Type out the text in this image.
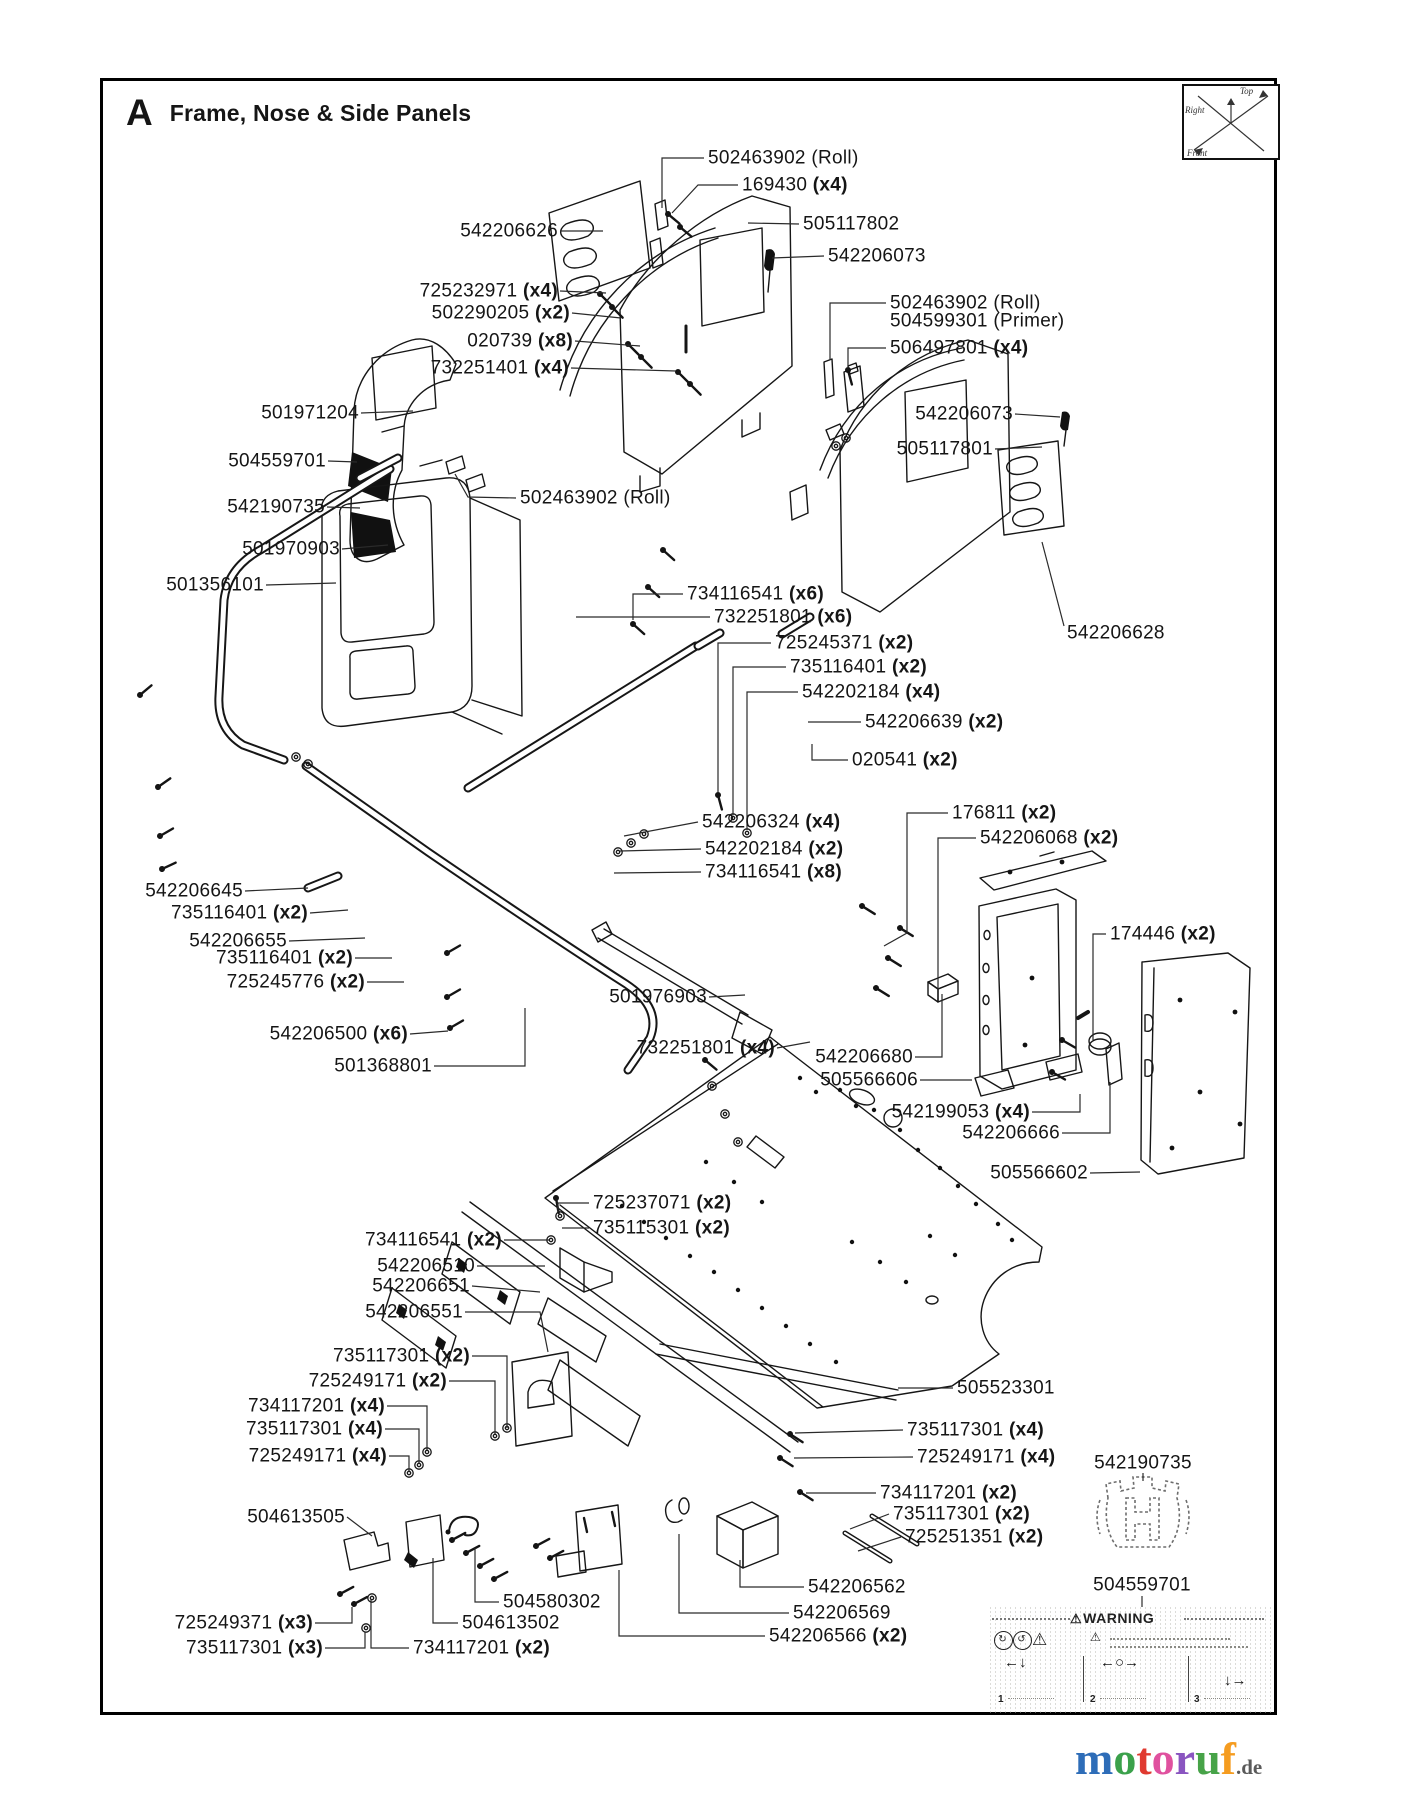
A Frame, Nose & Side Panels
Top
Right
Front
502463902 (Roll)
169430 (x4)
542206626	505117802
542206073
725232971 (x4)
502290205 (x2)
020739 (x8)
732251401 (x4)
501971204
504559701
542190735	502463902 (Roll)
501970903
501356101	734116541 (x6)
732251801 (x6)
725245371 (x2)
735116401 (x2)
542202184 (x4)
542206639 (x2)
020541 (x2)
542206324 (x4)
542202184 (x2)
734116541 (x8)
176811 (x2)
542206068 (x2)
174446 (x2)
542206680
505566606
542199053 (x4)
542206666
505566602
542206645
735116401 (x2)
542206655
735116401 (x2)
725245776 (x2)
542206500 (x6)
501368801
501976903
732251801 (x4)
725237071 (x2)
735115301 (x2)
734116541 (x2)
542206510
542206651
542206551
735117301 (x2)
725249171 (x2)
734117201 (x4)
735117301 (x4)
725249171 (x4)
505523301
735117301 (x4)
725249171 (x4) 542190735
734117201 (x2)
735117301 (x2)
725251351 (x2)
504613505
504580302
504613502
734117201 (x2)
725249371 (x3)
735117301 (x3)
542206562
542206569
542206566 (x2)
504559701
502463902 (Roll)
504599301 (Primer)
506497801 (x4)
505117801
542206073
542206628
⚠WARNING
↻ ↺ ⚠	⚠
←↓	←○→
↓→
1	2	3
motoruf.de
